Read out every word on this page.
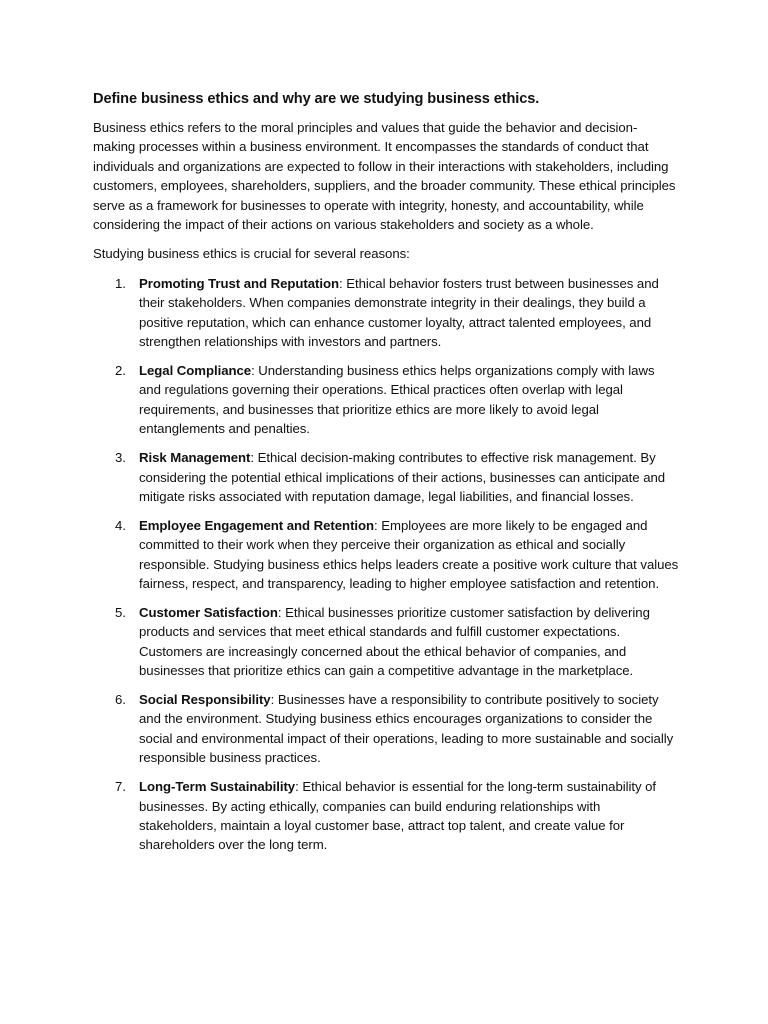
Define business ethics and why are we studying business ethics.

Business ethics refers to the moral principles and values that guide the behavior and decision-making processes within a business environment. It encompasses the standards of conduct that individuals and organizations are expected to follow in their interactions with stakeholders, including customers, employees, shareholders, suppliers, and the broader community. These ethical principles serve as a framework for businesses to operate with integrity, honesty, and accountability, while considering the impact of their actions on various stakeholders and society as a whole.

Studying business ethics is crucial for several reasons:

1. Promoting Trust and Reputation: Ethical behavior fosters trust between businesses and their stakeholders. When companies demonstrate integrity in their dealings, they build a positive reputation, which can enhance customer loyalty, attract talented employees, and strengthen relationships with investors and partners.
2. Legal Compliance: Understanding business ethics helps organizations comply with laws and regulations governing their operations. Ethical practices often overlap with legal requirements, and businesses that prioritize ethics are more likely to avoid legal entanglements and penalties.
3. Risk Management: Ethical decision-making contributes to effective risk management. By considering the potential ethical implications of their actions, businesses can anticipate and mitigate risks associated with reputation damage, legal liabilities, and financial losses.
4. Employee Engagement and Retention: Employees are more likely to be engaged and committed to their work when they perceive their organization as ethical and socially responsible. Studying business ethics helps leaders create a positive work culture that values fairness, respect, and transparency, leading to higher employee satisfaction and retention.
5. Customer Satisfaction: Ethical businesses prioritize customer satisfaction by delivering products and services that meet ethical standards and fulfill customer expectations. Customers are increasingly concerned about the ethical behavior of companies, and businesses that prioritize ethics can gain a competitive advantage in the marketplace.
6. Social Responsibility: Businesses have a responsibility to contribute positively to society and the environment. Studying business ethics encourages organizations to consider the social and environmental impact of their operations, leading to more sustainable and socially responsible business practices.
7. Long-Term Sustainability: Ethical behavior is essential for the long-term sustainability of businesses. By acting ethically, companies can build enduring relationships with stakeholders, maintain a loyal customer base, attract top talent, and create value for shareholders over the long term.
